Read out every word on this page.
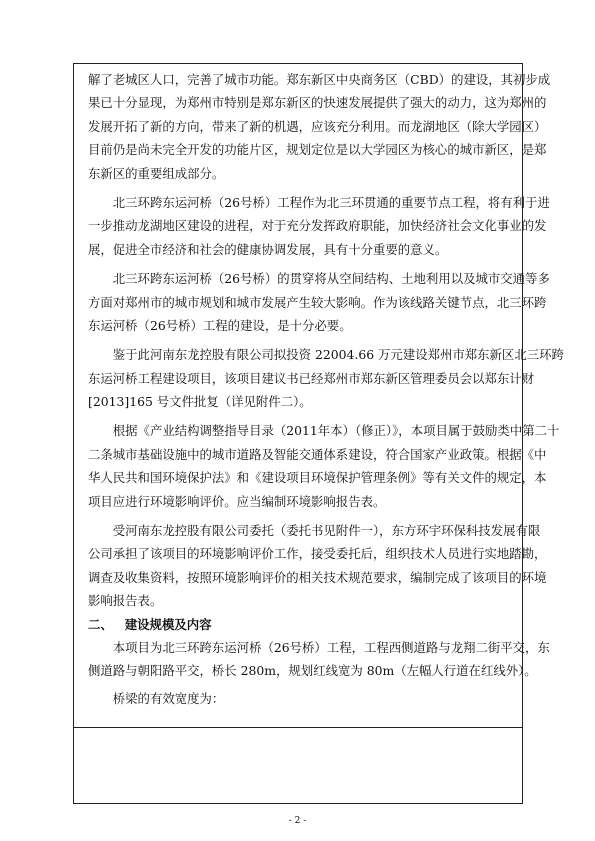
解了老城区人口，完善了城市功能。郑东新区中央商务区（CBD）的建设，其初步成
果已十分显现，为郑州市特别是郑东新区的快速发展提供了强大的动力，这为郑州的
发展开拓了新的方向，带来了新的机遇，应该充分利用。而龙湖地区（除大学园区）
目前仍是尚未完全开发的功能片区，规划定位是以大学园区为核心的城市新区，是郑
东新区的重要组成部分。
　　北三环跨东运河桥（26号桥）工程作为北三环贯通的重要节点工程，将有利于进
一步推动龙湖地区建设的进程，对于充分发挥政府职能，加快经济社会文化事业的发
展，促进全市经济和社会的健康协调发展，具有十分重要的意义。
　　北三环跨东运河桥（26号桥）的贯穿将从空间结构、土地利用以及城市交通等多
方面对郑州市的城市规划和城市发展产生较大影响。作为该线路关键节点，北三环跨
东运河桥（26号桥）工程的建设，是十分必要。
　　鉴于此河南东龙控股有限公司拟投资 22004.66 万元建设郑州市郑东新区北三环跨
东运河桥工程建设项目，该项目建议书已经郑州市郑东新区管理委员会以郑东计财
[2013]165 号文件批复（详见附件二）。
　　根据《产业结构调整指导目录（2011年本）（修正）》，本项目属于鼓励类中第二十
二条城市基础设施中的城市道路及智能交通体系建设，符合国家产业政策。根据《中
华人民共和国环境保护法》和《建设项目环境保护管理条例》等有关文件的规定，本
项目应进行环境影响评价。应当编制环境影响报告表。
　　受河南东龙控股有限公司委托（委托书见附件一），东方环宇环保科技发展有限
公司承担了该项目的环境影响评价工作，接受委托后，组织技术人员进行实地踏勘，
调查及收集资料，按照环境影响评价的相关技术规范要求，编制完成了该项目的环境
影响报告表。
二、 建设规模及内容
　　本项目为北三环跨东运河桥（26号桥）工程，工程西侧道路与龙翔二街平交，东
侧道路与朝阳路平交，桥长 280m，规划红线宽为 80m（左幅人行道在红线外）。
　　桥梁的有效宽度为：
- 2 -
